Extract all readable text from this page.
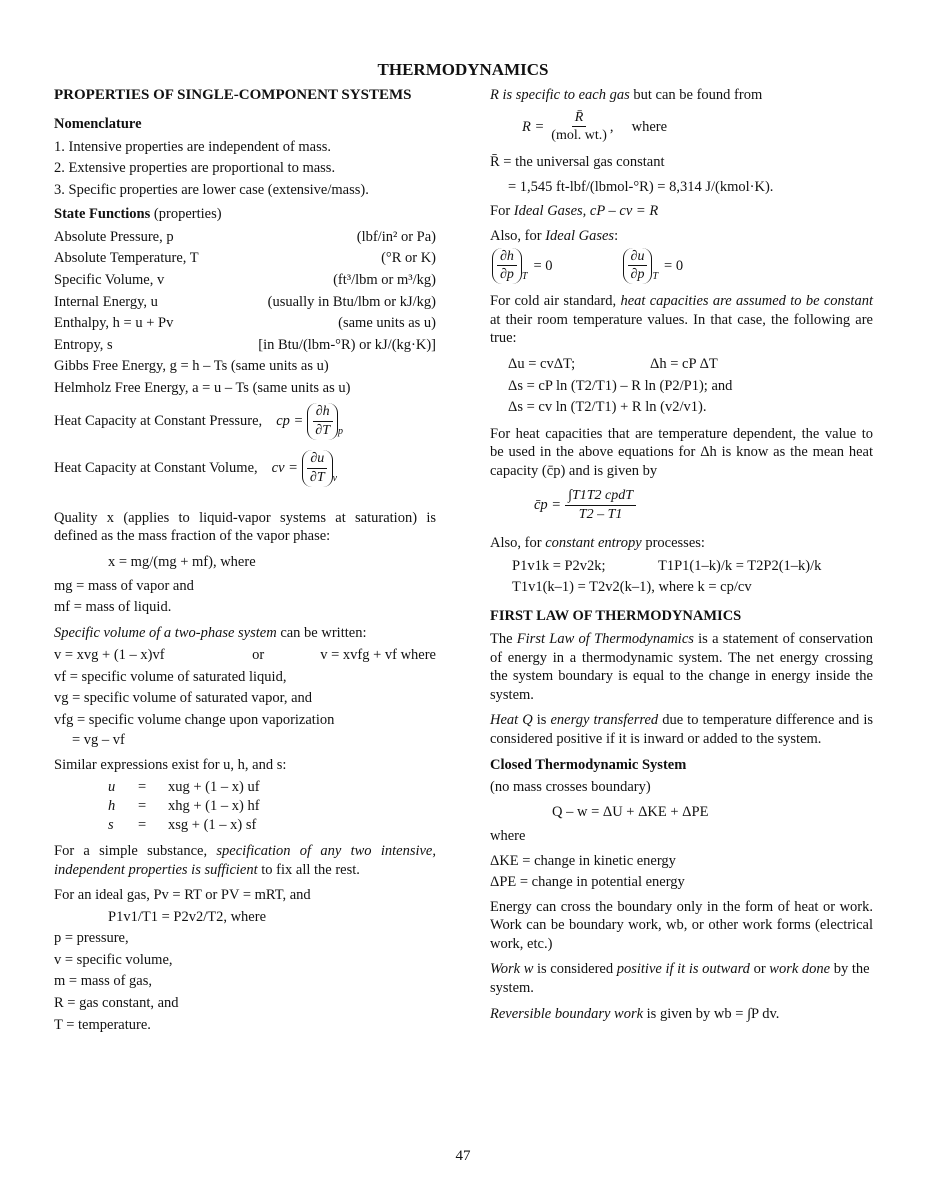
THERMODYNAMICS
PROPERTIES OF SINGLE-COMPONENT SYSTEMS
Nomenclature
1. Intensive properties are independent of mass.
2. Extensive properties are proportional to mass.
3. Specific properties are lower case (extensive/mass).
State Functions (properties)
Absolute Pressure, p	(lbf/in² or Pa)
Absolute Temperature, T	(°R or K)
Specific Volume, v	(ft³/lbm or m³/kg)
Internal Energy, u	(usually in Btu/lbm or kJ/kg)
Enthalpy, h = u + Pv	(same units as u)
Entropy, s	[in Btu/(lbm-°R) or kJ/(kg·K)]
Gibbs Free Energy, g = h – Ts (same units as u)
Helmholz Free Energy, a = u – Ts (same units as u)
Heat Capacity at Constant Pressure, cp = $\frac{\partial h}{\partial T}$ p
Heat Capacity at Constant Volume, cv = $\frac{\partial u}{\partial T}$ v

Quality x (applies to liquid-vapor systems at saturation) is defined as the mass fraction of the vapor phase:

x = mg/(mg + mf), where
mg = mass of vapor and
mf = mass of liquid.
Specific volume of a two-phase system can be written:
v = xvg + (1 – x)vf	or	v = xvfg + vf where
vf = specific volume of saturated liquid,
vg = specific volume of saturated vapor, and
vfg = specific volume change upon vaporization
= vg – vf
Similar expressions exist for u, h, and s:
u	=	xug + (1 – x) uf
h	=	xhg + (1 – x) hf
s	=	xsg + (1 – x) sf

For a simple substance, specification of any two intensive, independent properties is sufficient to fix all the rest.

For an ideal gas, Pv = RT or PV = mRT, and
P1v1/T1 = P2v2/T2, where
p = pressure,
v = specific volume,
m = mass of gas,
R = gas constant, and
T = temperature.
R is specific to each gas but can be found from
$R = \frac{R̄}{\text{(mol. wt.)}}$ ,     where
R̄ = the universal gas constant
= 1,545 ft-lbf/(lbmol-°R) = 8,314 J/(kmol·K).
For Ideal Gases, cP – cv = R
Also, for Ideal Gases:
$\frac{\partial h}{\partial p}$ T
= 0	$\frac{\partial u}{\partial p}$ T
= 0

For cold air standard, heat capacities are assumed to be constant at their room temperature values. In that case, the following are true:

Δu = cvΔT;	Δh = cP ΔT
Δs = cP ln (T2/T1) – R ln (P2/P1); and
Δs = cv ln (T2/T1) + R ln (v2/v1).

For heat capacities that are temperature dependent, the value to be used in the above equations for Δh is know as the mean heat capacity (c̄p) and is given by

c̄p = $\frac{\text{∫T1T2 cpdT}}{T2 - T1}$
Also, for constant entropy processes:
P1v1k = P2v2k;	T1P1(1–k)/k = T2P2(1–k)/k
T1v1(k–1) = T2v2(k–1), where k = cp/cv
FIRST LAW OF THERMODYNAMICS

The First Law of Thermodynamics is a statement of conservation of energy in a thermodynamic system. The net energy crossing the system boundary is equal to the change in energy inside the system.

Heat Q is energy transferred due to temperature difference and is considered positive if it is inward or added to the system.

Closed Thermodynamic System
(no mass crosses boundary)
Q – w = ΔU + ΔKE + ΔPE
where
ΔKE = change in kinetic energy
ΔPE = change in potential energy

Energy can cross the boundary only in the form of heat or work. Work can be boundary work, wb, or other work forms (electrical work, etc.)

Work w is considered positive if it is outward or work done by the system.

Reversible boundary work is given by wb = ∫P dv.

47
